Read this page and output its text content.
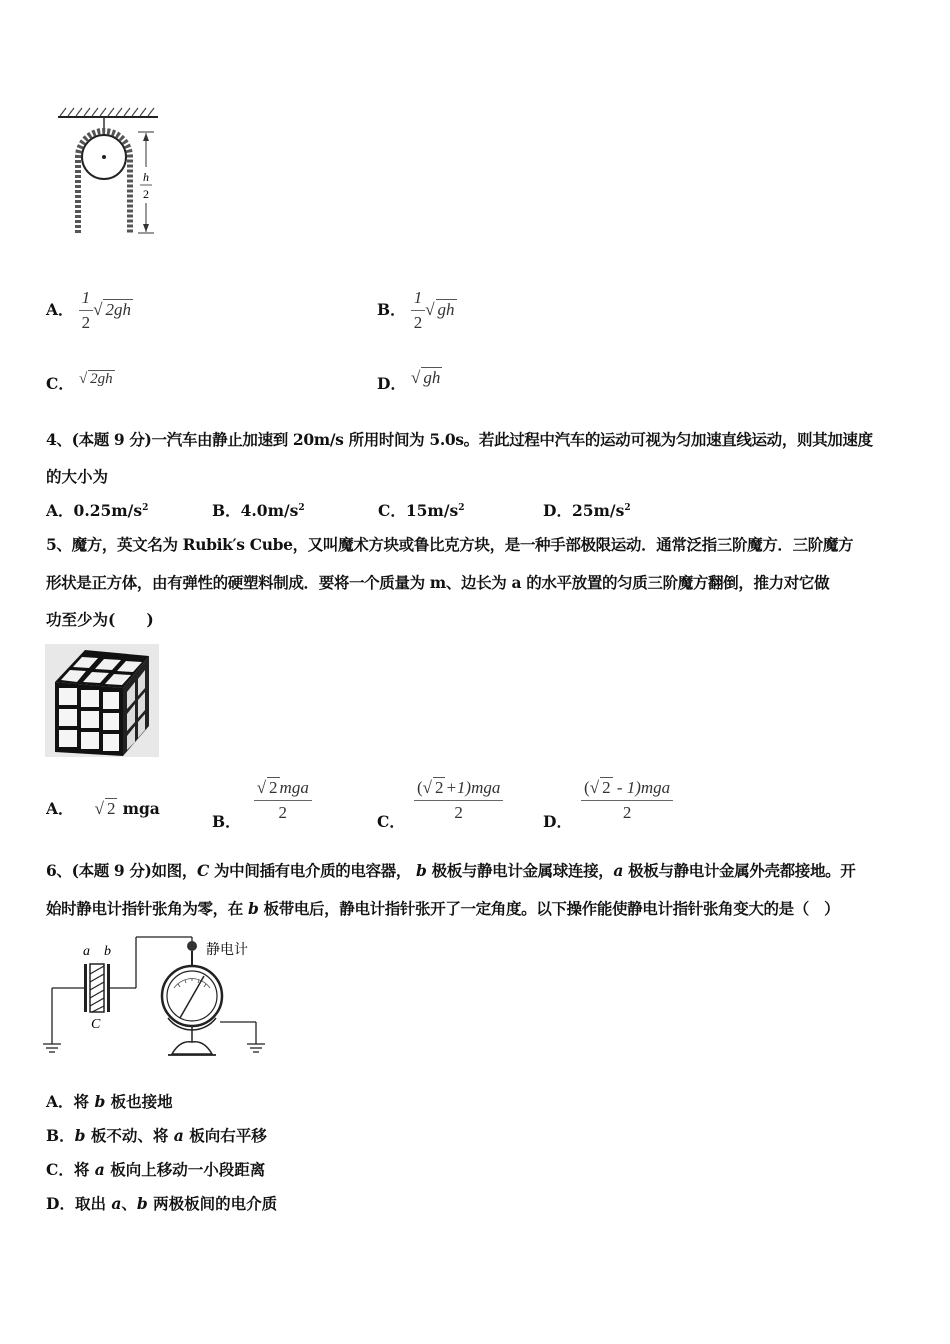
h
2
A． $\frac{1}{2}$ √ 2gh	B． $\frac{1}{2}$ √ gh
C． √ 2gh	D． √ gh
4、(本题 9 分)一汽车由静止加速到 20m/s 所用时间为 5.0s。若此过程中汽车的运动可视为匀加速直线运动，则其加速度
的大小为
A．$0.25m/s^2$	B．$4.0m/s^2$	C．$15m/s^2$	D．$25m/s^2$
5、魔方，英文名为 Rubik′s Cube，又叫魔术方块或鲁比克方块，是一种手部极限运动．通常泛指三阶魔方．三阶魔方
形状是正方体，由有弹性的硬塑料制成．要将一个质量为 m、边长为 a 的水平放置的匀质三阶魔方翻倒，推力对它做
功至少为(　　)
A． √ 2 mga
B． $\frac{\text{√ 2 mga}}{2}$	C． $\frac{\text{(√ 2 +1)mga}}{2}$	D． $\frac{\text{(√ 2 - 1)mga}}{2}$
6、(本题 9 分)如图，C 为中间插有电介质的电容器， b 极板与静电计金属球连接，a 极板与静电计金属外壳都接地。开
始时静电计指针张角为零，在 b 板带电后，静电计指针张开了一定角度。以下操作能使静电计指针张角变大的是（　）
a b
C
静电计
A．将 b 板也接地
B．b 板不动、将 a 板向右平移
C．将 a 板向上移动一小段距离
D．取出 a、b 两极板间的电介质
